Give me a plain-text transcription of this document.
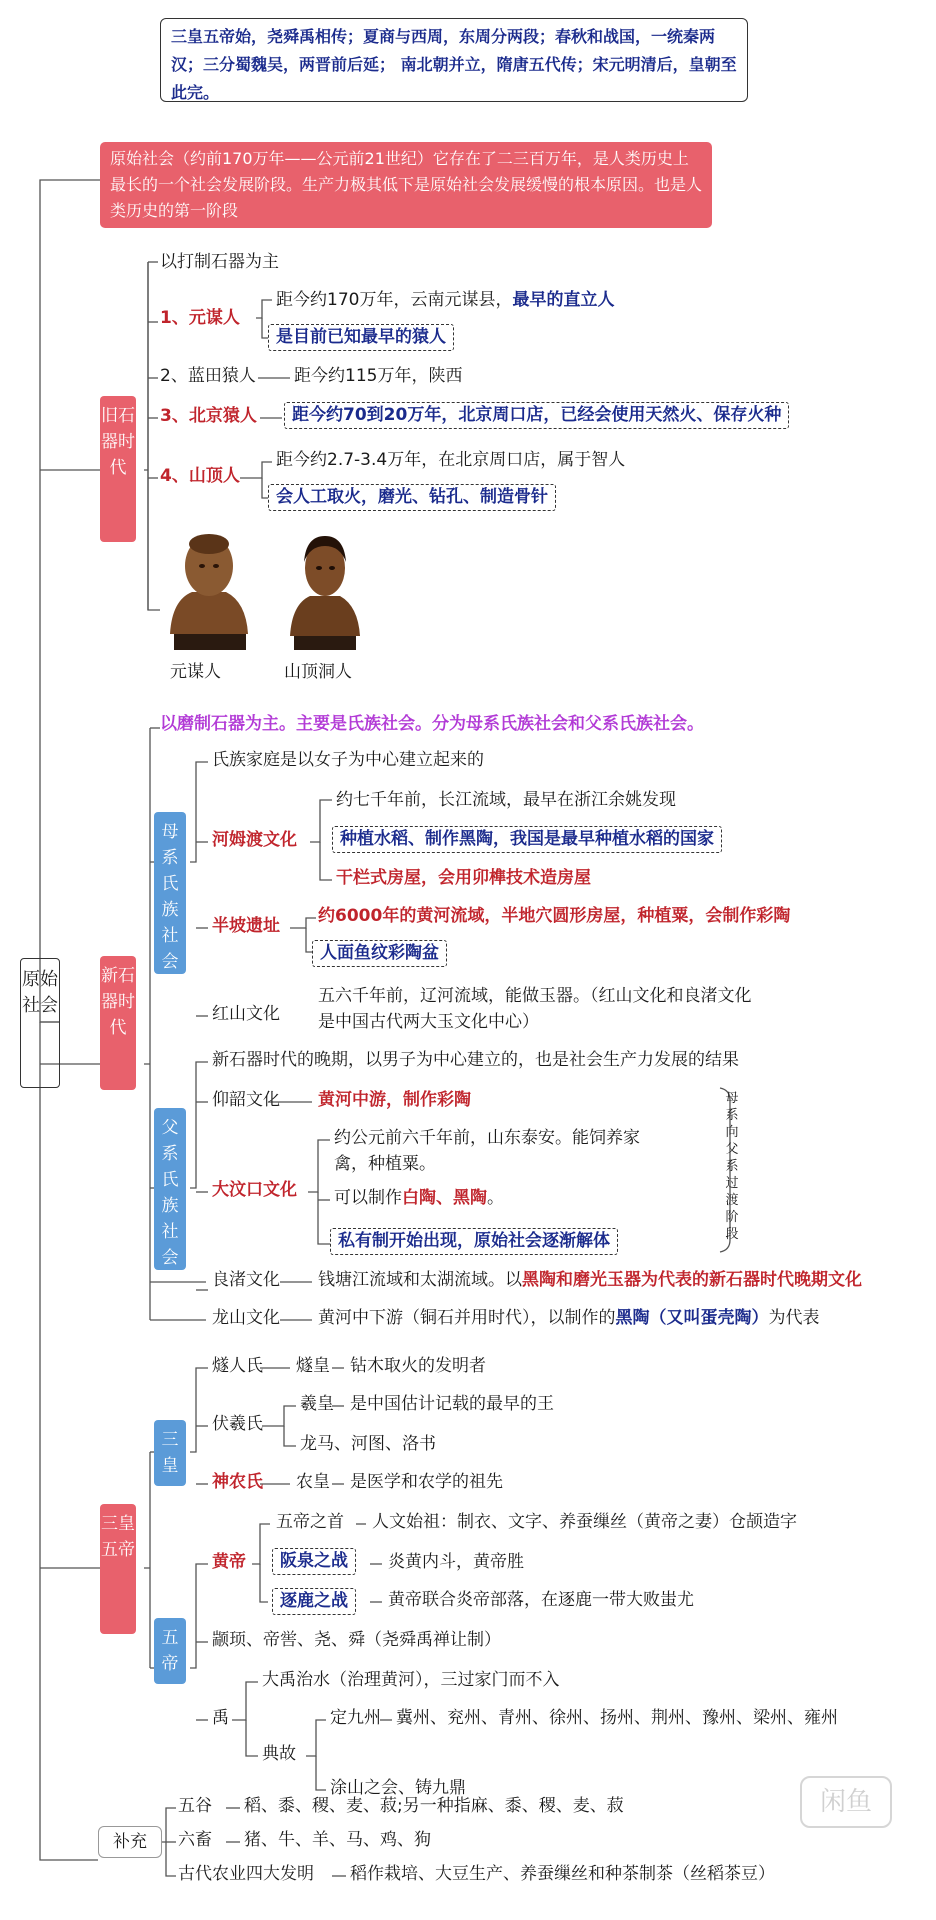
三皇五帝始，尧舜禹相传；夏商与西周，东周分两段；春秋和战国，一统秦两汉；三分蜀魏吴，两晋前后延； 南北朝并立，隋唐五代传；宋元明清后，皇朝至此完。
原始社会（约前170万年——公元前21世纪）它存在了二三百万年，是人类历史上最长的一个社会发展阶段。生产力极其低下是原始社会发展缓慢的根本原因。也是人类历史的第一阶段
原始社会
旧石器时代
以打制石器为主
1、元谋人
距今约170万年，云南元谋县，最早的直立人
是目前已知最早的猿人
2、蓝田猿人 距今约115万年，陕西
3、北京猿人	距今约70到20万年，北京周口店，已经会使用天然火、保存火种
4、山顶人
距今约2.7-3.4万年，在北京周口店，属于智人
会人工取火，磨光、钻孔、制造骨针
元谋人	山顶洞人
以磨制石器为主。主要是氏族社会。分为母系氏族社会和父系氏族社会。
新石器时代
母系氏族社会
氏族家庭是以女子为中心建立起来的
河姆渡文化
约七千年前，长江流域，最早在浙江余姚发现
种植水稻、制作黑陶，我国是最早种植水稻的国家
干栏式房屋，会用卯榫技术造房屋
半坡遗址 约6000年的黄河流域，半地穴圆形房屋，种植粟，会制作彩陶
人面鱼纹彩陶盆
红山文化
五六千年前，辽河流域，能做玉器。（红山文化和良渚文化
是中国古代两大玉文化中心）
父系氏族社会
新石器时代的晚期，以男子为中心建立的，也是社会生产力发展的结果
仰韶文化 黄河中游，制作彩陶
大汶口文化
约公元前六千年前，山东泰安。能饲养家
禽，种植粟。
可以制作白陶、黑陶。
私有制开始出现，原始社会逐渐解体
母系向父系过渡阶段
良渚文化 钱塘江流域和太湖流域。以黑陶和磨光玉器为代表的新石器时代晚期文化
龙山文化 黄河中下游（铜石并用时代），以制作的黑陶（又叫蛋壳陶）为代表
三皇五帝
三皇
燧人氏 燧皇 钻木取火的发明者
伏羲氏
羲皇 是中国估计记载的最早的王
龙马、河图、洛书
神农氏 农皇 是医学和农学的祖先
五帝
黄帝
五帝之首 人文始祖：制衣、文字、养蚕缫丝（黄帝之妻）仓颉造字
阪泉之战	炎黄内斗，黄帝胜
逐鹿之战	黄帝联合炎帝部落，在逐鹿一带大败蚩尤
颛顼、帝喾、尧、舜（尧舜禹禅让制）
禹
大禹治水（治理黄河），三过家门而不入
典故
定九州 冀州、兖州、青州、徐州、扬州、荆州、豫州、梁州、雍州
涂山之会、铸九鼎
补充
五谷 稻、黍、稷、麦、菽;另一种指麻、黍、稷、麦、菽
六畜 猪、牛、羊、马、鸡、狗
古代农业四大发明 稻作栽培、大豆生产、养蚕缫丝和种茶制茶（丝稻茶豆）
闲鱼
